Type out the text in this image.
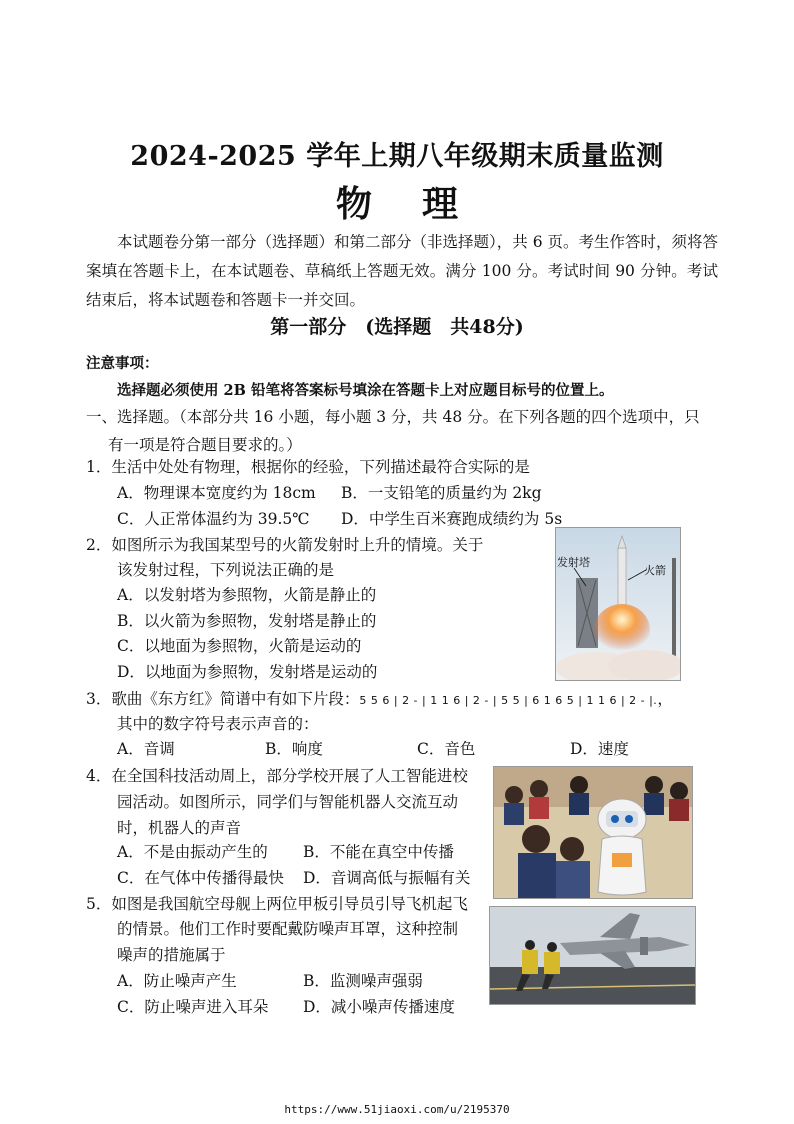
2024-2025 学年上期八年级期末质量监测
物理
本试题卷分第一部分（选择题）和第二部分（非选择题），共 6 页。考生作答时，须将答案填在答题卡上，在本试题卷、草稿纸上答题无效。满分 100 分。考试时间 90 分钟。考试结束后，将本试题卷和答题卡一并交回。
第一部分　(选择题　共48分)
注意事项：
选择题必须使用 2B 铅笔将答案标号填涂在答题卡上对应题目标号的位置上。
一、选择题。（本部分共 16 小题，每小题 3 分，共 48 分。在下列各题的四个选项中，只
有一项是符合题目要求的。）
1．生活中处处有物理，根据你的经验，下列描述最符合实际的是
A．物理课本宽度约为 18cm B．一支铅笔的质量约为 2kg
C．人正常体温约为 39.5℃ D．中学生百米赛跑成绩约为 5s
2．如图所示为我国某型号的火箭发射时上升的情境。关于
该发射过程，下列说法正确的是
A．以发射塔为参照物，火箭是静止的
B．以火箭为参照物，发射塔是静止的
C．以地面为参照物，火箭是运动的
D．以地面为参照物，发射塔是运动的
发射塔
火箭
3．歌曲《东方红》简谱中有如下片段：5 5 6 | 2 - | 1 1 6 | 2 - | 5 5 | 6 1 6 5 | 1 1 6 | 2 - |.，
其中的数字符号表示声音的：
A．音调	B．响度	C．音色	D．速度
4．在全国科技活动周上，部分学校开展了人工智能进校
园活动。如图所示，同学们与智能机器人交流互动
时，机器人的声音
A．不是由振动产生的 B．不能在真空中传播
C．在气体中传播得最快 D．音调高低与振幅有关
5．如图是我国航空母舰上两位甲板引导员引导飞机起飞
的情景。他们工作时要配戴防噪声耳罩，这种控制
噪声的措施属于
A．防止噪声产生	B．监测噪声强弱
C．防止噪声进入耳朵 D．减小噪声传播速度
https://www.51jiaoxi.com/u/2195370
